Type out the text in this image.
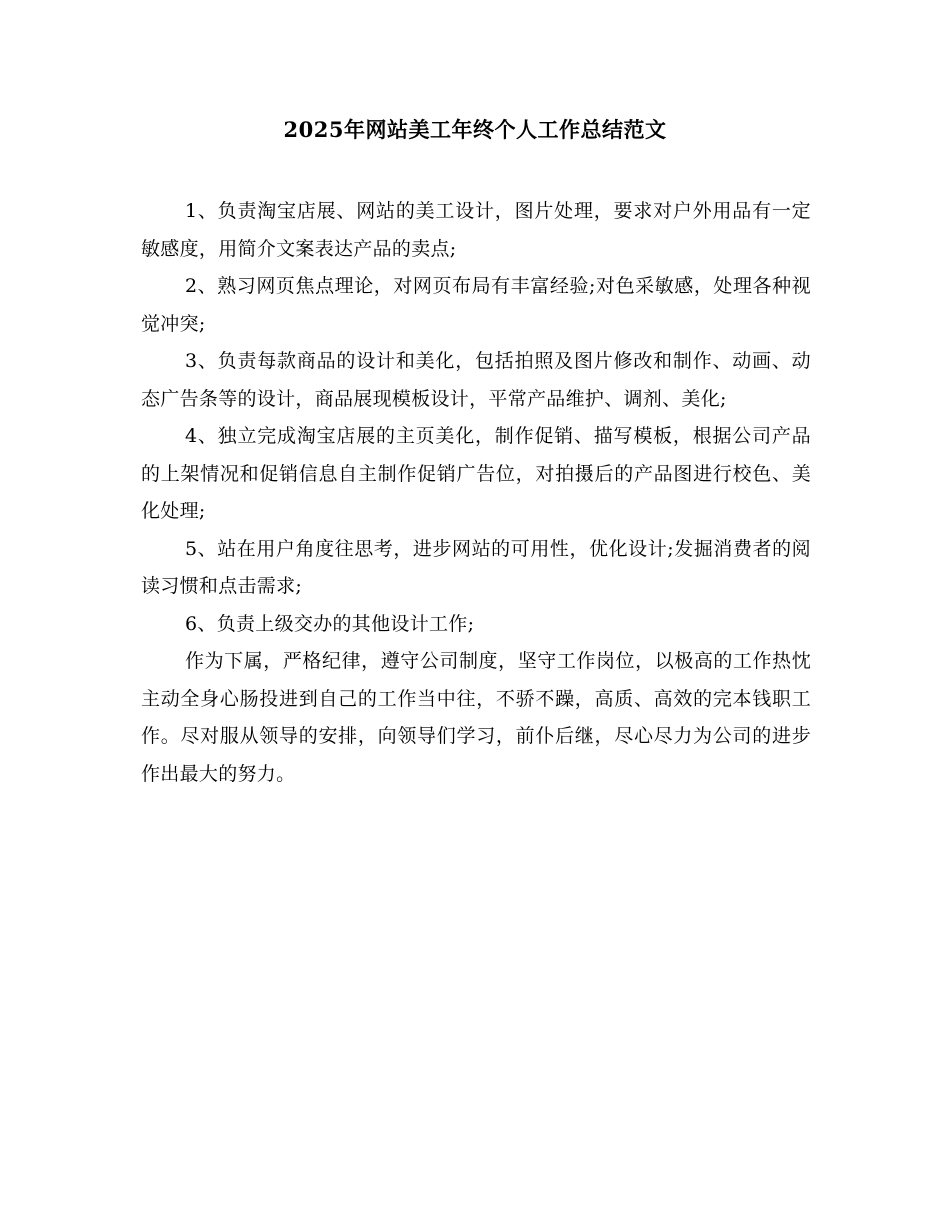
2025年网站美工年终个人工作总结范文

1、负责淘宝店展、网站的美工设计，图片处理，要求对户外用品有一定敏感度，用简介文案表达产品的卖点;

2、熟习网页焦点理论，对网页布局有丰富经验;对色采敏感，处理各种视觉冲突;

3、负责每款商品的设计和美化，包括拍照及图片修改和制作、动画、动态广告条等的设计，商品展现模板设计，平常产品维护、调剂、美化;

4、独立完成淘宝店展的主页美化，制作促销、描写模板，根据公司产品的上架情况和促销信息自主制作促销广告位，对拍摄后的产品图进行校色、美化处理;

5、站在用户角度往思考，进步网站的可用性，优化设计;发掘消费者的阅读习惯和点击需求;

6、负责上级交办的其他设计工作;

作为下属，严格纪律，遵守公司制度，坚守工作岗位，以极高的工作热忱主动全身心肠投进到自己的工作当中往，不骄不躁，高质、高效的完本钱职工作。尽对服从领导的安排，向领导们学习，前仆后继，尽心尽力为公司的进步作出最大的努力。
